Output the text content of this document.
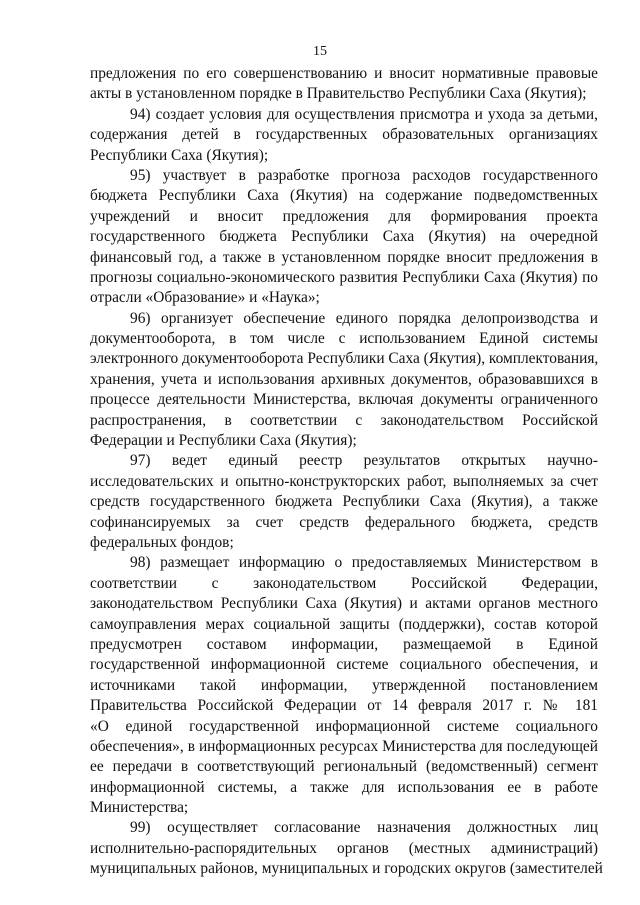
15
предложения по его совершенствованию и вносит нормативные правовые
акты в установленном порядке в Правительство Республики Саха (Якутия);
94) создает условия для осуществления присмотра и ухода за детьми,
содержания детей в государственных образовательных организациях
Республики Саха (Якутия);
95) участвует в разработке прогноза расходов государственного
бюджета Республики Саха (Якутия) на содержание подведомственных
учреждений и вносит предложения для формирования проекта
государственного бюджета Республики Саха (Якутия) на очередной
финансовый год, а также в установленном порядке вносит предложения в
прогнозы социально-экономического развития Республики Саха (Якутия) по
отрасли «Образование» и «Наука»;
96) организует обеспечение единого порядка делопроизводства и
документооборота, в том числе с использованием Единой системы
электронного документооборота Республики Саха (Якутия), комплектования,
хранения, учета и использования архивных документов, образовавшихся в
процессе деятельности Министерства, включая документы ограниченного
распространения, в соответствии с законодательством Российской
Федерации и Республики Саха (Якутия);
97) ведет единый реестр результатов открытых научно-
исследовательских и опытно-конструкторских работ, выполняемых за счет
средств государственного бюджета Республики Саха (Якутия), а также
софинансируемых за счет средств федерального бюджета, средств
федеральных фондов;
98) размещает информацию о предоставляемых Министерством в
соответствии с законодательством Российской Федерации,
законодательством Республики Саха (Якутия) и актами органов местного
самоуправления мерах социальной защиты (поддержки), состав которой
предусмотрен составом информации, размещаемой в Единой
государственной информационной системе социального обеспечения, и
источниками такой информации, утвержденной постановлением
Правительства Российской Федерации от 14 февраля 2017 г. № 181
«О единой государственной информационной системе социального
обеспечения», в информационных ресурсах Министерства для последующей
ее передачи в соответствующий региональный (ведомственный) сегмент
информационной системы, а также для использования ее в работе
Министерства;
99) осуществляет согласование назначения должностных лиц
исполнительно-распорядительных органов (местных администраций)
муниципальных районов, муниципальных и городских округов (заместителей
